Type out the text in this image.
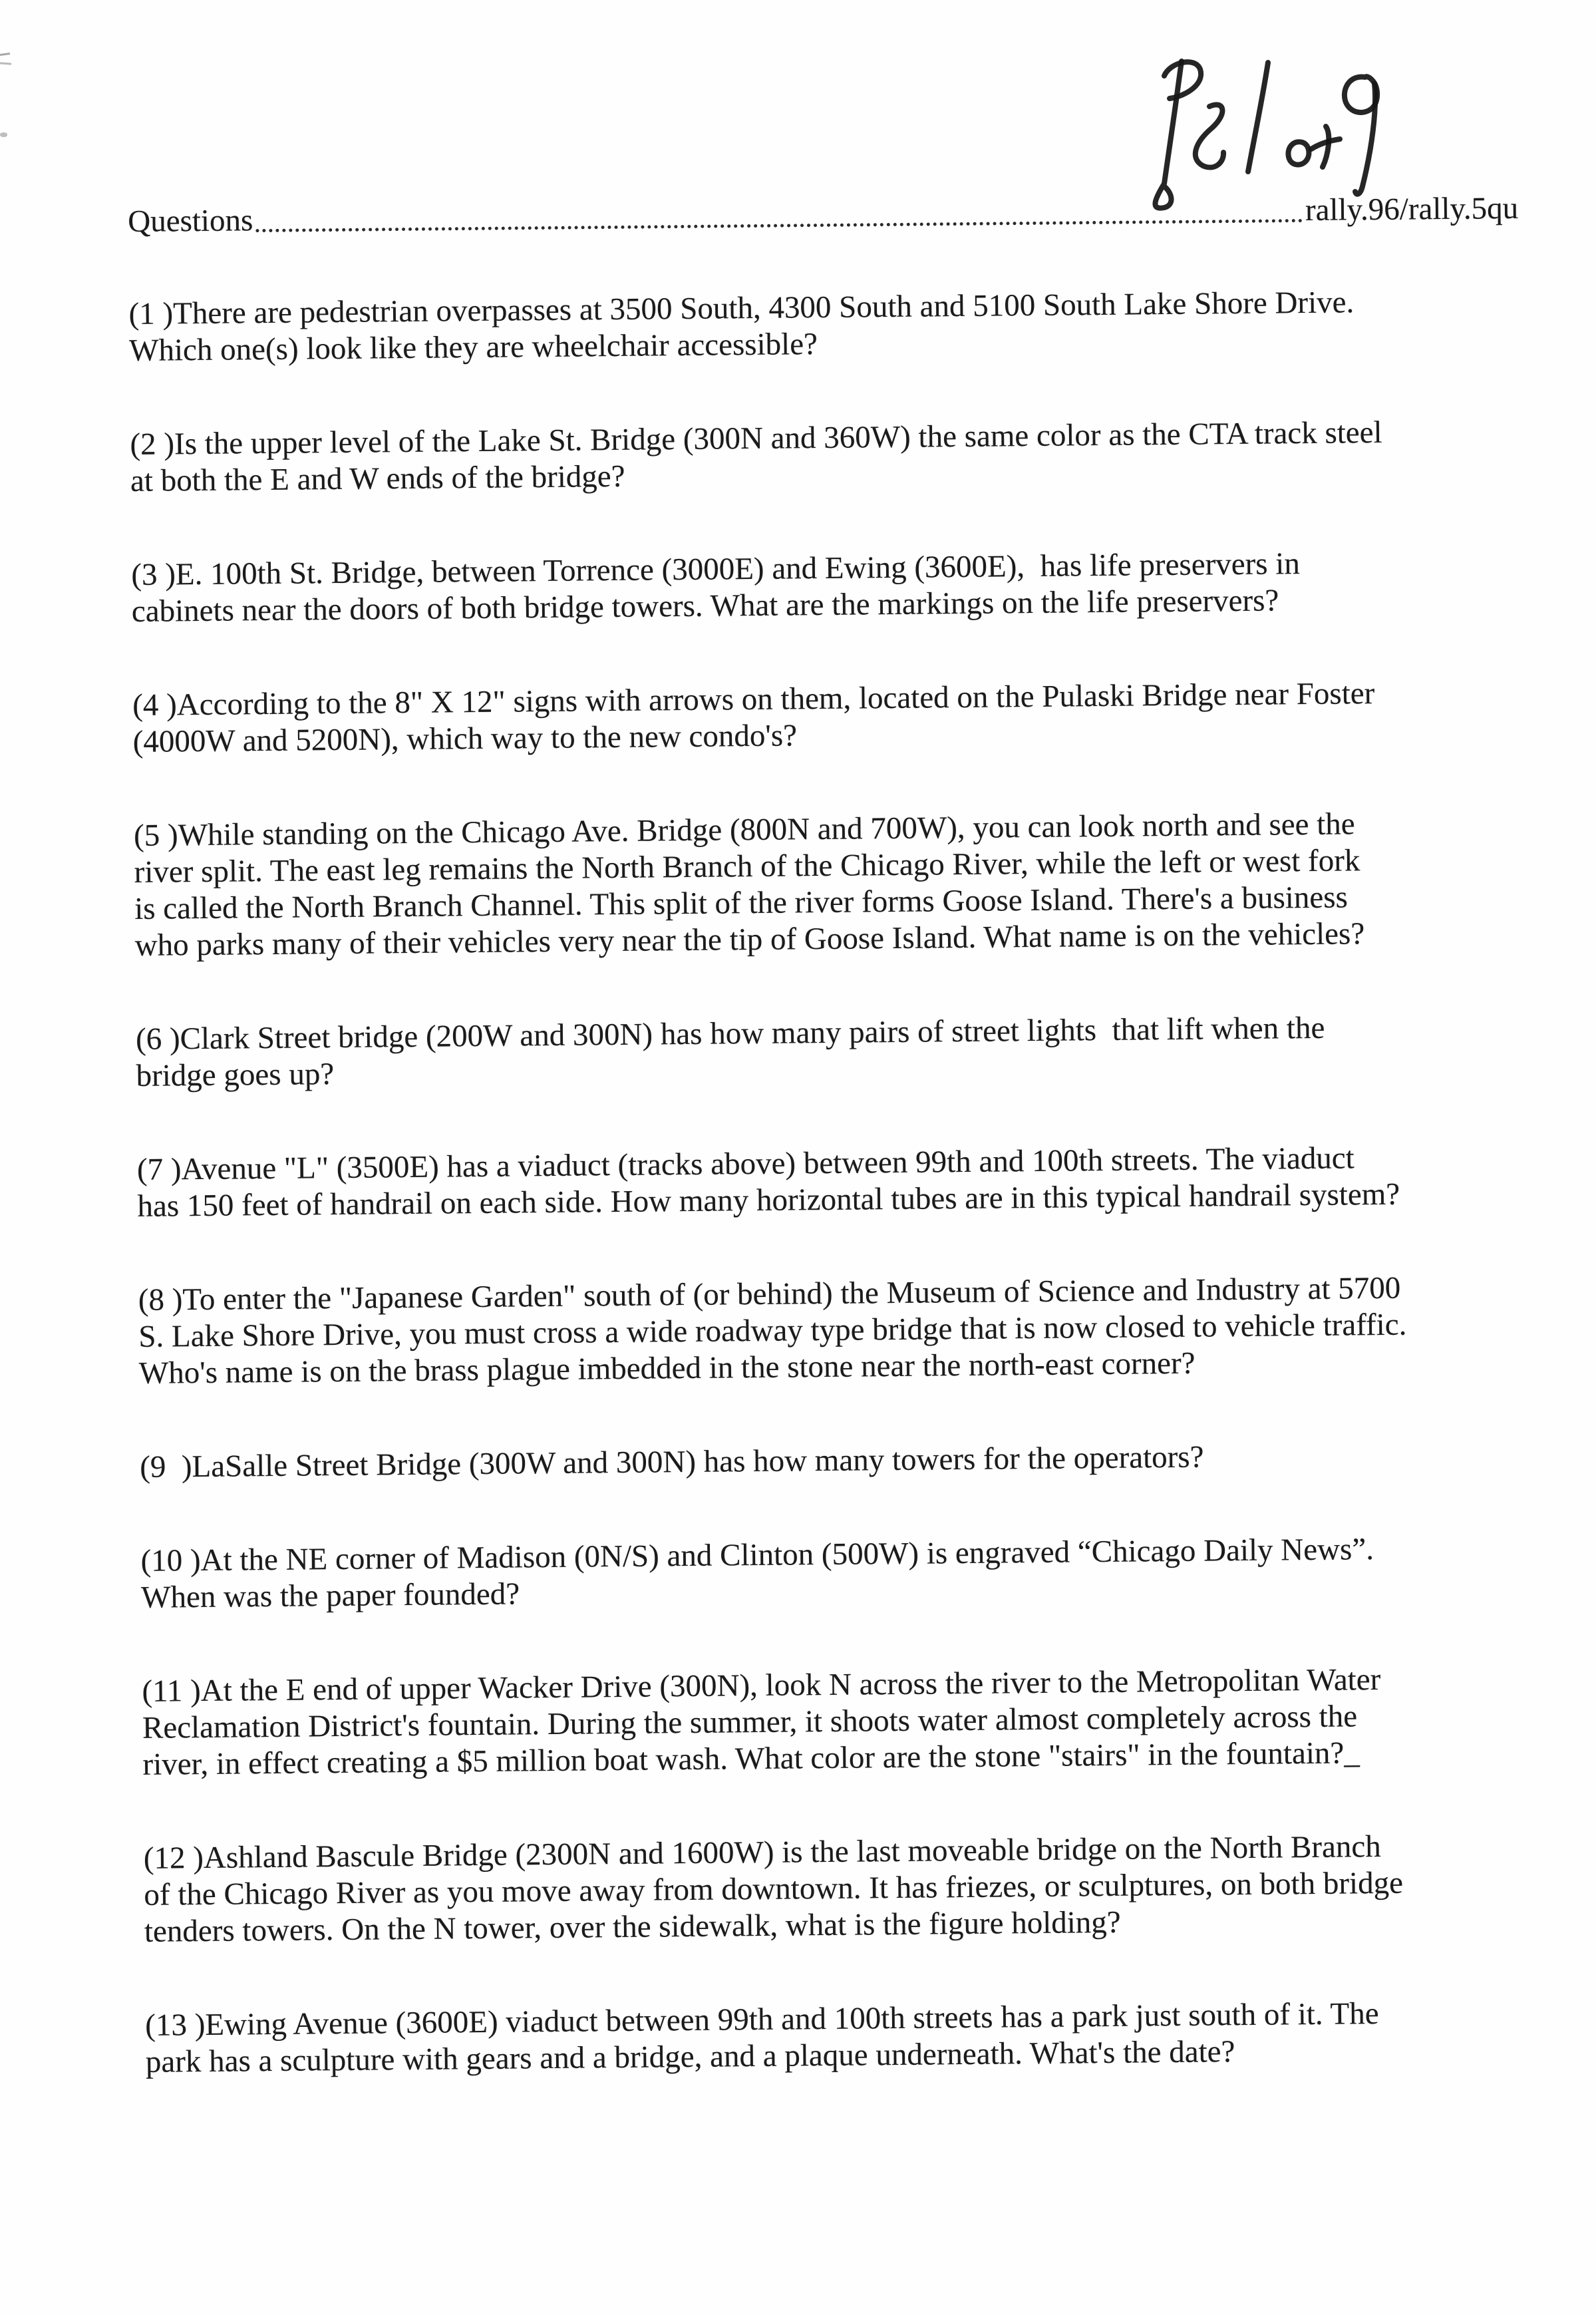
Questions	rally.96/rally.5qu

(1 )There are pedestrian overpasses at 3500 South, 4300 South and 5100 South Lake Shore Drive.
Which one(s) look like they are wheelchair accessible?

(2 )Is the upper level of the Lake St. Bridge (300N and 360W) the same color as the CTA track steel
at both the E and W ends of the bridge?

(3 )E. 100th St. Bridge, between Torrence (3000E) and Ewing (3600E),  has life preservers in
cabinets near the doors of both bridge towers. What are the markings on the life preservers?

(4 )According to the 8" X 12" signs with arrows on them, located on the Pulaski Bridge near Foster
(4000W and 5200N), which way to the new condo's?

(5 )While standing on the Chicago Ave. Bridge (800N and 700W), you can look north and see the
river split. The east leg remains the North Branch of the Chicago River, while the left or west fork
is called the North Branch Channel. This split of the river forms Goose Island. There's a business
who parks many of their vehicles very near the tip of Goose Island. What name is on the vehicles?

(6 )Clark Street bridge (200W and 300N) has how many pairs of street lights  that lift when the
bridge goes up?

(7 )Avenue "L" (3500E) has a viaduct (tracks above) between 99th and 100th streets. The viaduct
has 150 feet of handrail on each side. How many horizontal tubes are in this typical handrail system?

(8 )To enter the "Japanese Garden" south of (or behind) the Museum of Science and Industry at 5700
S. Lake Shore Drive, you must cross a wide roadway type bridge that is now closed to vehicle traffic.
Who's name is on the brass plague imbedded in the stone near the north-east corner?

(9  )LaSalle Street Bridge (300W and 300N) has how many towers for the operators?

(10 )At the NE corner of Madison (0N/S) and Clinton (500W) is engraved “Chicago Daily News”.
When was the paper founded?

(11 )At the E end of upper Wacker Drive (300N), look N across the river to the Metropolitan Water
Reclamation District's fountain. During the summer, it shoots water almost completely across the
river, in effect creating a $5 million boat wash. What color are the stone "stairs" in the fountain?_

(12 )Ashland Bascule Bridge (2300N and 1600W) is the last moveable bridge on the North Branch
of the Chicago River as you move away from downtown. It has friezes, or sculptures, on both bridge
tenders towers. On the N tower, over the sidewalk, what is the figure holding?

(13 )Ewing Avenue (3600E) viaduct between 99th and 100th streets has a park just south of it. The
park has a sculpture with gears and a bridge, and a plaque underneath. What's the date?
